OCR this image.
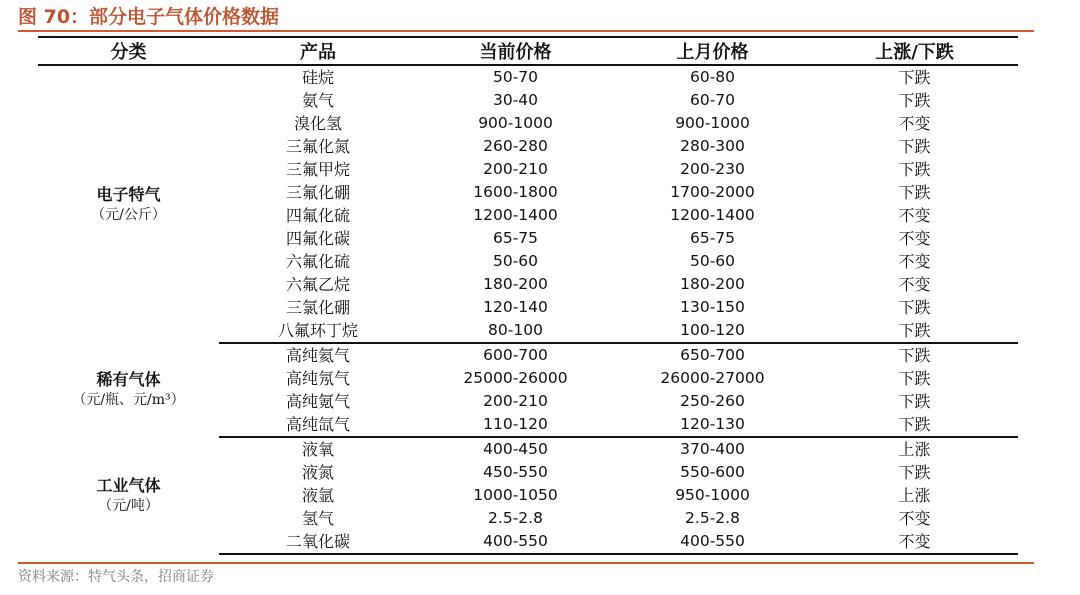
图 70：部分电子气体价格数据
分类	产品	当前价格	上月价格	上涨/下跌

电子特气
（元/公斤）	硅烷	50-70	60-80	下跌
	氨气	30-40	60-70	下跌
	溴化氢	900-1000	900-1000	不变
	三氟化氮	260-280	280-300	下跌
	三氟甲烷	200-210	200-230	下跌
	三氟化硼	1600-1800	1700-2000	下跌
	四氟化硫	1200-1400	1200-1400	不变
	四氟化碳	65-75	65-75	不变
	六氟化硫	50-60	50-60	不变
	六氟乙烷	180-200	180-200	不变
	三氯化硼	120-140	130-150	下跌
	八氟环丁烷	80-100	100-120	下跌

稀有气体
（元/瓶、元/m³）	高纯氦气	600-700	650-700	下跌
	高纯氖气	25000-26000	26000-27000	下跌
	高纯氪气	200-210	250-260	下跌
	高纯氙气	110-120	120-130	下跌

工业气体
（元/吨）	液氧	400-450	370-400	上涨
	液氮	450-550	550-600	下跌
	液氩	1000-1050	950-1000	上涨
	氢气	2.5-2.8	2.5-2.8	不变
	二氧化碳	400-550	400-550	不变
资料来源：特气头条，招商证券
